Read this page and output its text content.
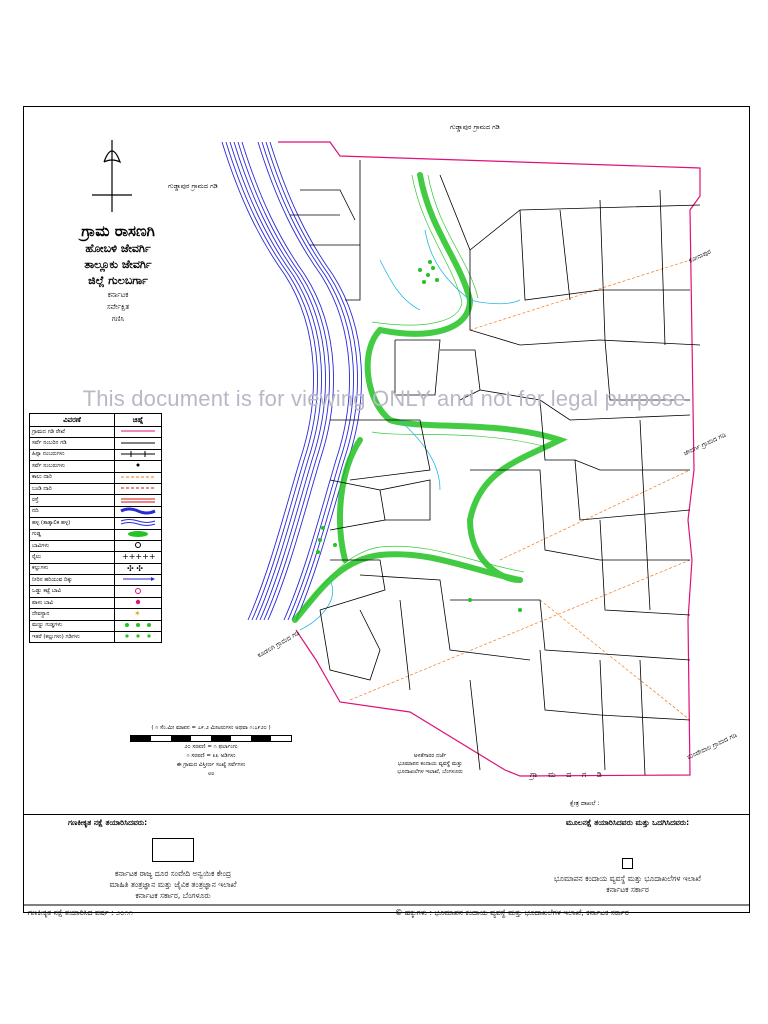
ಗುಡ್ಡಾಪುರ ಗ್ರಾಮದ ಗಡಿ
ಗುಡ್ಡಾಪುರ ಗ್ರಾಮದ ಗಡಿ
ಕೋನಾಪುರ
ಜೇವರ್ಗಿ ಗ್ರಾಮದ ಗಡಿ
ಮಂದೇವಾಲ ಗ್ರಾಮದ ಗಡಿ
ಗ್ರಾ ಮ ದ ಗ ಡಿ
ಕೂಡಲಗಿ ಗ್ರಾಮದ ಗಡಿ
ಗ್ರಾಮ ರಾಸಣಗಿ
ಹೋಬಳಿ ಜೇವರ್ಗಿ
ತಾಲ್ಲೂಕು ಜೇವರ್ಗಿ
ಜಿಲ್ಲೆ ಗುಲಬರ್ಗಾ
ಕರ್ನಾಟಕ
ಸರ್ವೇಕ್ಷಿತ
ಗಣಿಸಿ
This document is for viewing ONLY and not for legal purpose
ವಿವರಣೆ	ಚಿಹ್ನೆ
ಗ್ರಾಮದ ಗಡಿ ರೇಖೆ	
ಸರ್ವೆ ನಂಬರಿನ ಗಡಿ	
ಹಿಸ್ಸಾ ನಂಬರುಗಳು	
ಸರ್ವೆ ನಂಬರುಗಳು	
ಕಾಲು ದಾರಿ	
ಬಂಡಿ ದಾರಿ	
ರಸ್ತೆ	
ನದಿ	
ಹಳ್ಳ (ತಾತ್ಕಾಲಿಕ ಹಳ್ಳ)	
ಗುಡ್ಡ	
ಬಾವಿಗಳು	
ರೈಲು	+++++

ಕಲ್ಲುಗಳು	✣ ✣

ನೀರಿನ ಹರಿಯುವ ದಿಕ್ಕು	
ಒಡ್ಡು ಕಟ್ಟೆ ಬಾವಿ	
ಪಾಳು ಬಾವಿ	
ದೇವಸ್ಥಾನ	✶

ಮಣ್ಣು ಗುಡ್ಡಗಳು	
ಇತರೆ (ಕಲ್ಲುಗಳು) ಗಡಿಗಳು	
( ೧ ಸೆಂ.ಮೀ ಮಾಪನ = ೭೯.೨ ಮೀಟರುಗಳು ಅಥವಾ ೧:೭೯೨೦ )
೨೦ ಸರಪಣಿ = ೧ ಫರ್ಲಾಂಗು
೧ ಸರಪಣಿ = ೩೩ ಅಡಿಗಳು
ಈ ಗ್ರಾಮದ ವಿಸ್ತೀರ್ಣ ಸಂಖ್ಯೆ ಸರ್ವೆಗಳು
೮೮
ಅಳತೆಗಾರರ ದರ್ಜೆ
ಭೂಮಾಪನ ಕಂದಾಯ ವ್ಯವಸ್ಥೆ ಮತ್ತು
ಭೂದಾಖಲೆಗಳ ಇಲಾಖೆ, ಬೆಂಗಳೂರು
ಕ್ಷೇತ್ರ ದಾಖಲೆ :
ಗಣಕೀಕೃತ ನಕ್ಷೆ ತಯಾರಿಸಿದವರು:
ಕರ್ನಾಟಕ ರಾಜ್ಯ ದೂರ ಸಂವೇದಿ ಅನ್ವಯಿಕ ಕೇಂದ್ರ
ಮಾಹಿತಿ ತಂತ್ರಜ್ಞಾನ ಮತ್ತು ಜೈವಿಕ ತಂತ್ರಜ್ಞಾನ ಇಲಾಖೆ
ಕರ್ನಾಟಕ ಸರ್ಕಾರ, ಬೆಂಗಳೂರು
ಮೂಲನಕ್ಷೆ ತಯಾರಿಸಿದವರು ಮತ್ತು ಒದಗಿಸಿದವರು:
ಭೂಮಾಪನ ಕಂದಾಯ ವ್ಯವಸ್ಥೆ ಮತ್ತು ಭೂದಾಖಲೆಗಳ ಇಲಾಖೆ
ಕರ್ನಾಟಕ ಸರ್ಕಾರ
ಗಣಕೀಕೃತ ನಕ್ಷೆ ತಯಾರಿಸಿದ ವರ್ಷ : ೨೦೧೧	© ಹಕ್ಕುಗಳು : ಭೂಮಾಪನ ಕಂದಾಯ ವ್ಯವಸ್ಥೆ ಮತ್ತು ಭೂದಾಖಲೆಗಳ ಇಲಾಖೆ, ಕರ್ನಾಟಕ ಸರ್ಕಾರ
